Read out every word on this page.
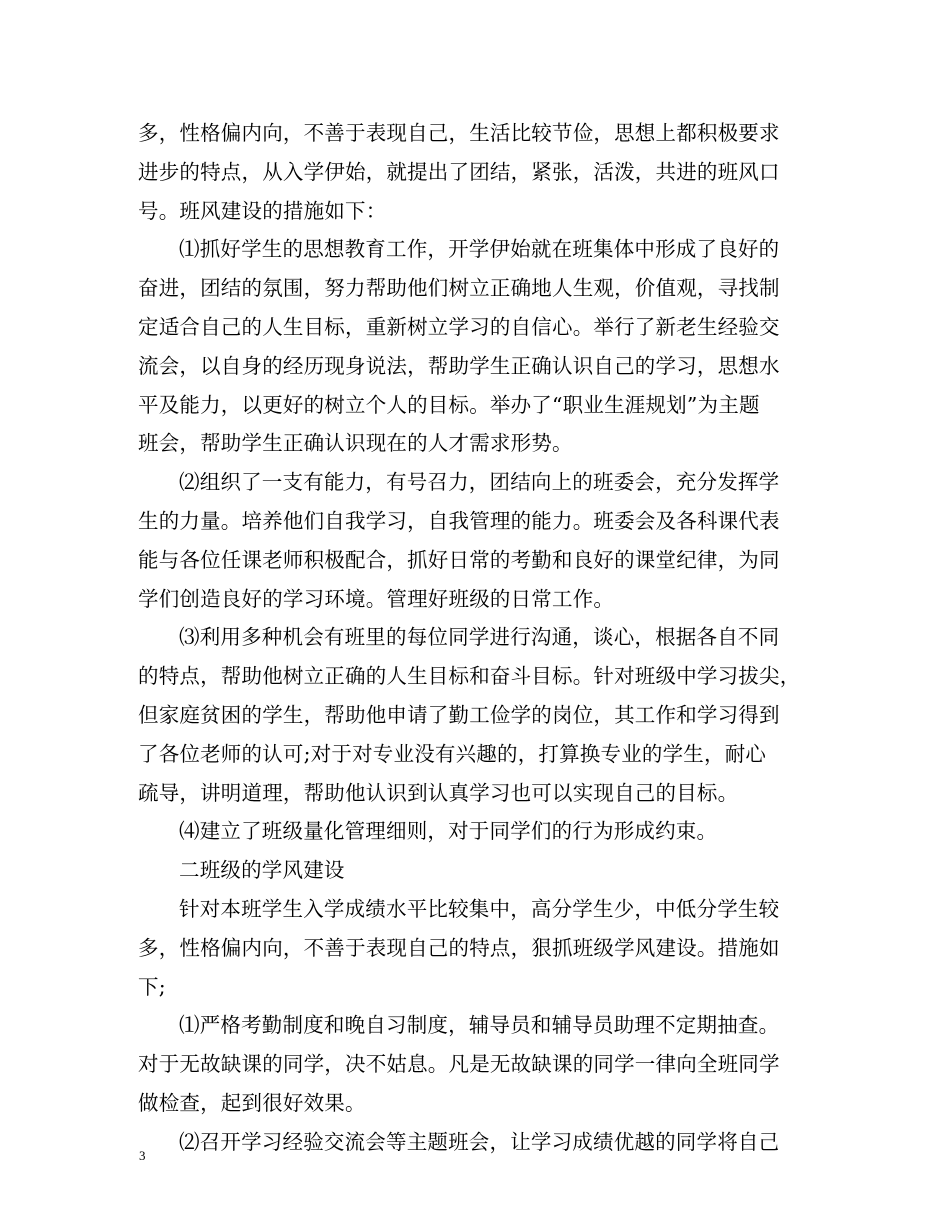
多，性格偏内向，不善于表现自己，生活比较节俭，思想上都积极要求
进步的特点，从入学伊始，就提出了团结，紧张，活泼，共进的班风口
号。班风建设的措施如下：
⑴抓好学生的思想教育工作，开学伊始就在班集体中形成了良好的
奋进，团结的氛围，努力帮助他们树立正确地人生观，价值观，寻找制
定适合自己的人生目标，重新树立学习的自信心。举行了新老生经验交
流会，以自身的经历现身说法，帮助学生正确认识自己的学习，思想水
平及能力，以更好的树立个人的目标。举办了“职业生涯规划”为主题
班会，帮助学生正确认识现在的人才需求形势。
⑵组织了一支有能力，有号召力，团结向上的班委会，充分发挥学
生的力量。培养他们自我学习，自我管理的能力。班委会及各科课代表
能与各位任课老师积极配合，抓好日常的考勤和良好的课堂纪律，为同
学们创造良好的学习环境。管理好班级的日常工作。
⑶利用多种机会有班里的每位同学进行沟通，谈心，根据各自不同
的特点，帮助他树立正确的人生目标和奋斗目标。针对班级中学习拔尖，
但家庭贫困的学生，帮助他申请了勤工俭学的岗位，其工作和学习得到
了各位老师的认可;对于对专业没有兴趣的，打算换专业的学生，耐心
疏导，讲明道理，帮助他认识到认真学习也可以实现自己的目标。
⑷建立了班级量化管理细则，对于同学们的行为形成约束。
二班级的学风建设
针对本班学生入学成绩水平比较集中，高分学生少，中低分学生较
多，性格偏内向，不善于表现自己的特点，狠抓班级学风建设。措施如
下;
⑴严格考勤制度和晚自习制度，辅导员和辅导员助理不定期抽查。
对于无故缺课的同学，决不姑息。凡是无故缺课的同学一律向全班同学
做检查，起到很好效果。
⑵召开学习经验交流会等主题班会，让学习成绩优越的同学将自己
3
